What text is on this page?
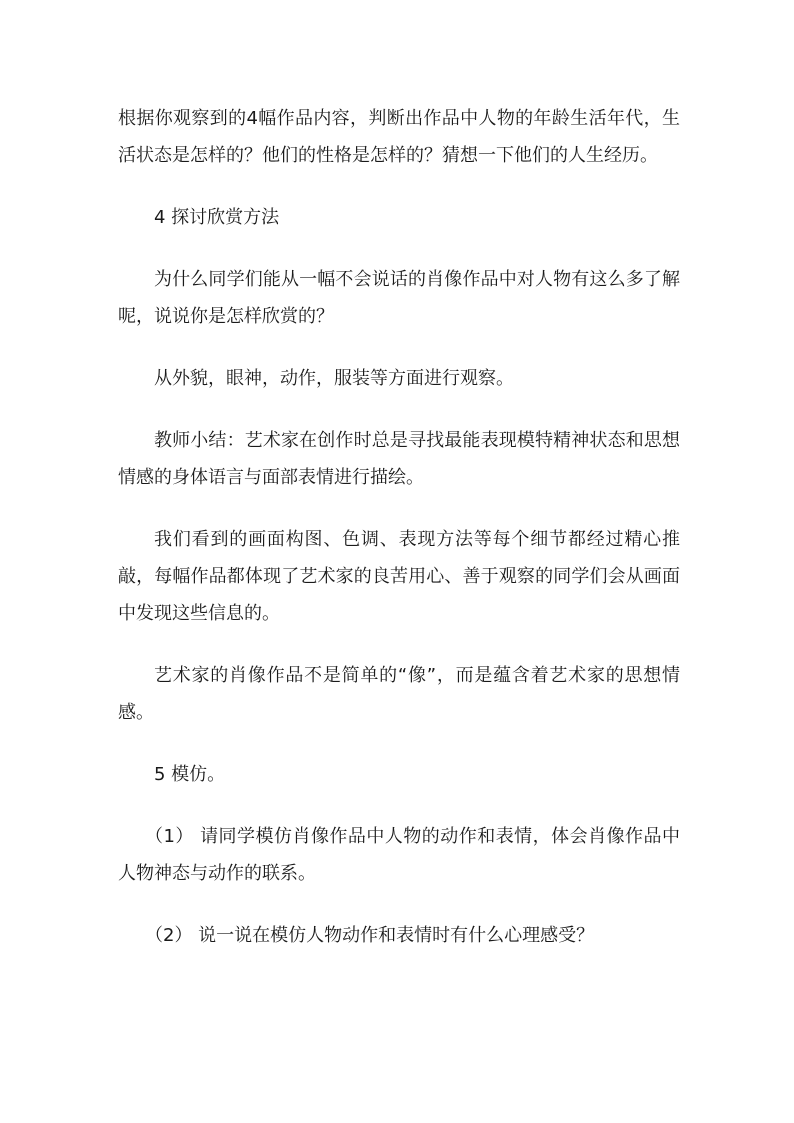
根据你观察到的4幅作品内容，判断出作品中人物的年龄生活年代，生活状态是怎样的？他们的性格是怎样的？猜想一下他们的人生经历。

4 探讨欣赏方法

为什么同学们能从一幅不会说话的肖像作品中对人物有这么多了解呢，说说你是怎样欣赏的？

从外貌，眼神，动作，服装等方面进行观察。

教师小结：艺术家在创作时总是寻找最能表现模特精神状态和思想情感的身体语言与面部表情进行描绘。

我们看到的画面构图、色调、表现方法等每个细节都经过精心推敲，每幅作品都体现了艺术家的良苦用心、善于观察的同学们会从画面中发现这些信息的。

艺术家的肖像作品不是简单的“像”，而是蕴含着艺术家的思想情感。

5 模仿。

（1） 请同学模仿肖像作品中人物的动作和表情，体会肖像作品中人物神态与动作的联系。

（2） 说一说在模仿人物动作和表情时有什么心理感受？
